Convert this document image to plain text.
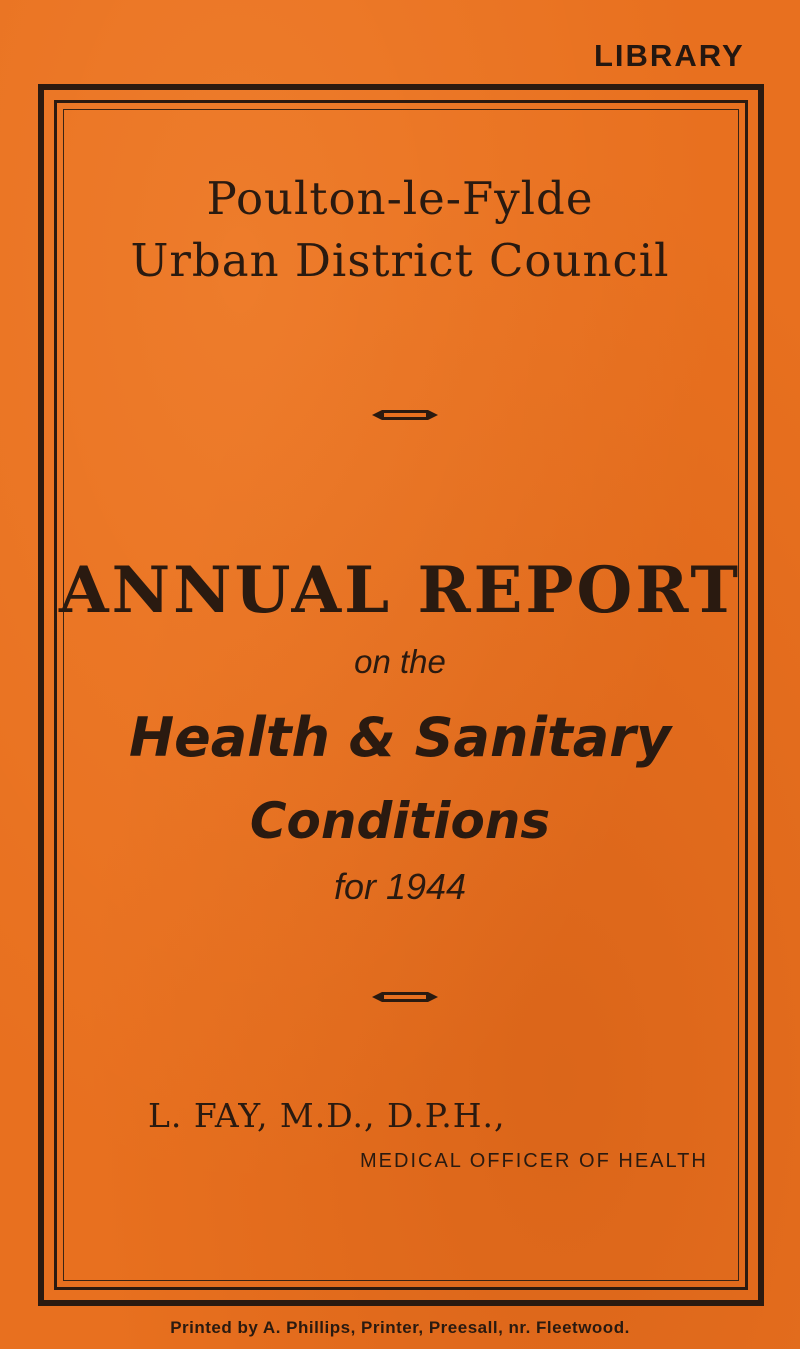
LIBRARY
Poulton-le-Fylde
Urban District Council
ANNUAL REPORT
on the
Health & Sanitary
Conditions
for 1944
L. FAY, M.D., D.P.H.,
MEDICAL OFFICER OF HEALTH
Printed by A. Phillips, Printer, Preesall, nr. Fleetwood.
